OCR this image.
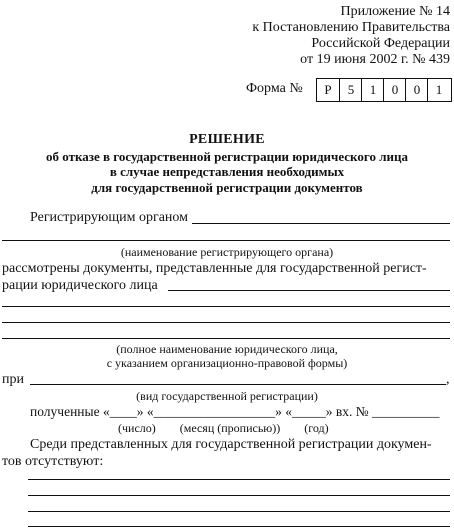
Приложение № 14
к Постановлению Правительства
Российской Федерации
от 19 июня 2002 г. № 439
Форма №	Р	5	1	0	0	1
РЕШЕНИЕ
об отказе в государственной регистрации юридического лица
в случае непредставления необходимых
для государственной регистрации документов
Регистрирующим органом
(наименование регистрирующего органа)
рассмотрены документы, представленные для государственной регист-
рации юридического лица
(полное наименование юридического лица,
с указанием организационно-правовой формы)
при	,
(вид государственной регистрации)
полученные «____» «__________________» «_____» вх. № __________
(число)        (месяц (прописью))        (год)
Среди представленных для государственной регистрации докумен-
тов отсутствуют:
